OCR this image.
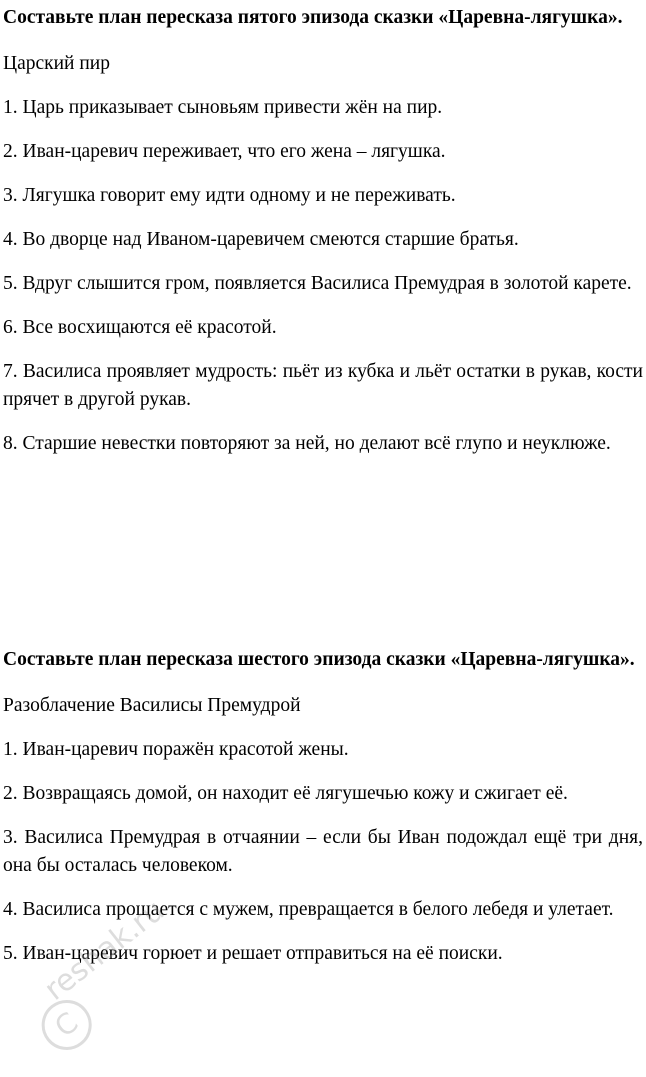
Составьте план пересказа пятого эпизода сказки «Царевна-лягушка».

Царский пир

1. Царь приказывает сыновьям привести жён на пир.

2. Иван-царевич переживает, что его жена – лягушка.

3. Лягушка говорит ему идти одному и не переживать.

4. Во дворце над Иваном-царевичем смеются старшие братья.

5. Вдруг слышится гром, появляется Василиса Премудрая в золотой карете.

6. Все восхищаются её красотой.

7. Василиса проявляет мудрость: пьёт из кубка и льёт остатки в рукав, кости прячет в другой рукав.

8. Старшие невестки повторяют за ней, но делают всё глупо и неуклюже.

Составьте план пересказа шестого эпизода сказки «Царевна-лягушка».

Разоблачение Василисы Премудрой

1. Иван-царевич поражён красотой жены.

2. Возвращаясь домой, он находит её лягушечью кожу и сжигает её.

3. Василиса Премудрая в отчаянии – если бы Иван подождал ещё три дня, она бы осталась человеком.

4. Василиса прощается с мужем, превращается в белого лебедя и улетает.

5. Иван-царевич горюет и решает отправиться на её поиски.

C
reshak.ru
